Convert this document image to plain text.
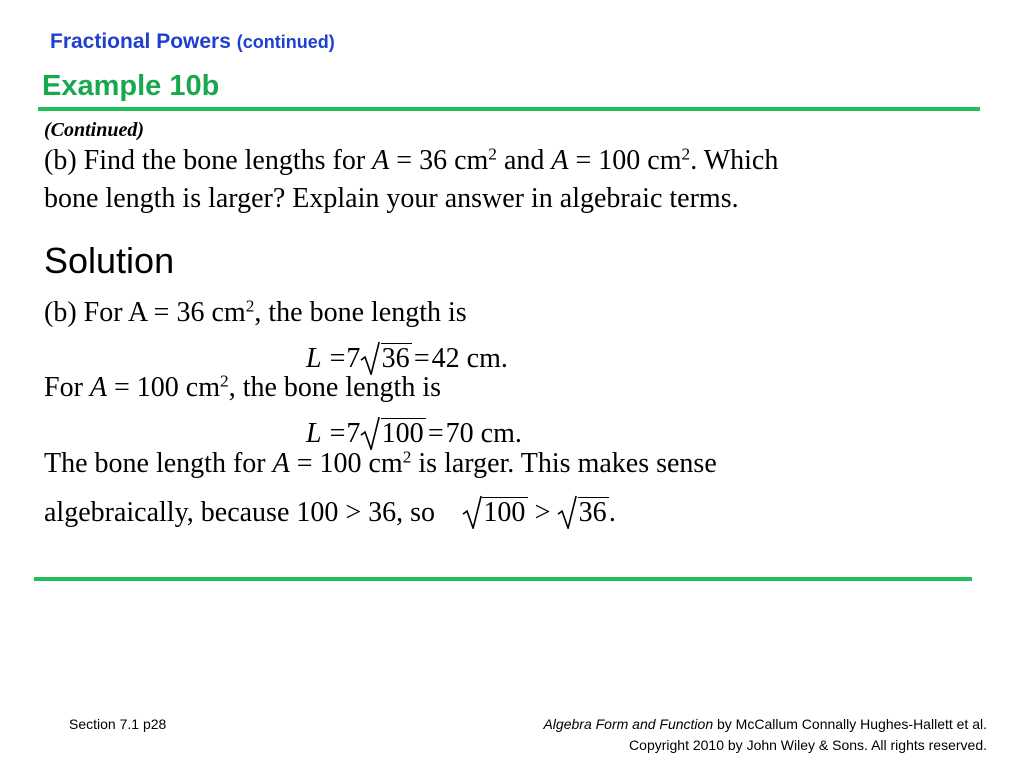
Fractional Powers (continued)
Example 10b
(Continued)
(b) Find the bone lengths for A = 36 $cm^2$ and A = 100 $cm^2$. Which
bone length is larger? Explain your answer in algebraic terms.
Solution
(b) For A = 36 $cm^2$, the bone length is
L =7 36 =42 cm.
For A = 100 $cm^2$, the bone length is
L =7 100 =70 cm.
The bone length for A = 100 $cm^2$ is larger. This makes sense
algebraically, because 100 > 36, so 100 > 36.
Section 7.1 p28	Algebra Form and Function by McCallum Connally Hughes-Hallett et al.
Copyright 2010 by John Wiley & Sons. All rights reserved.
